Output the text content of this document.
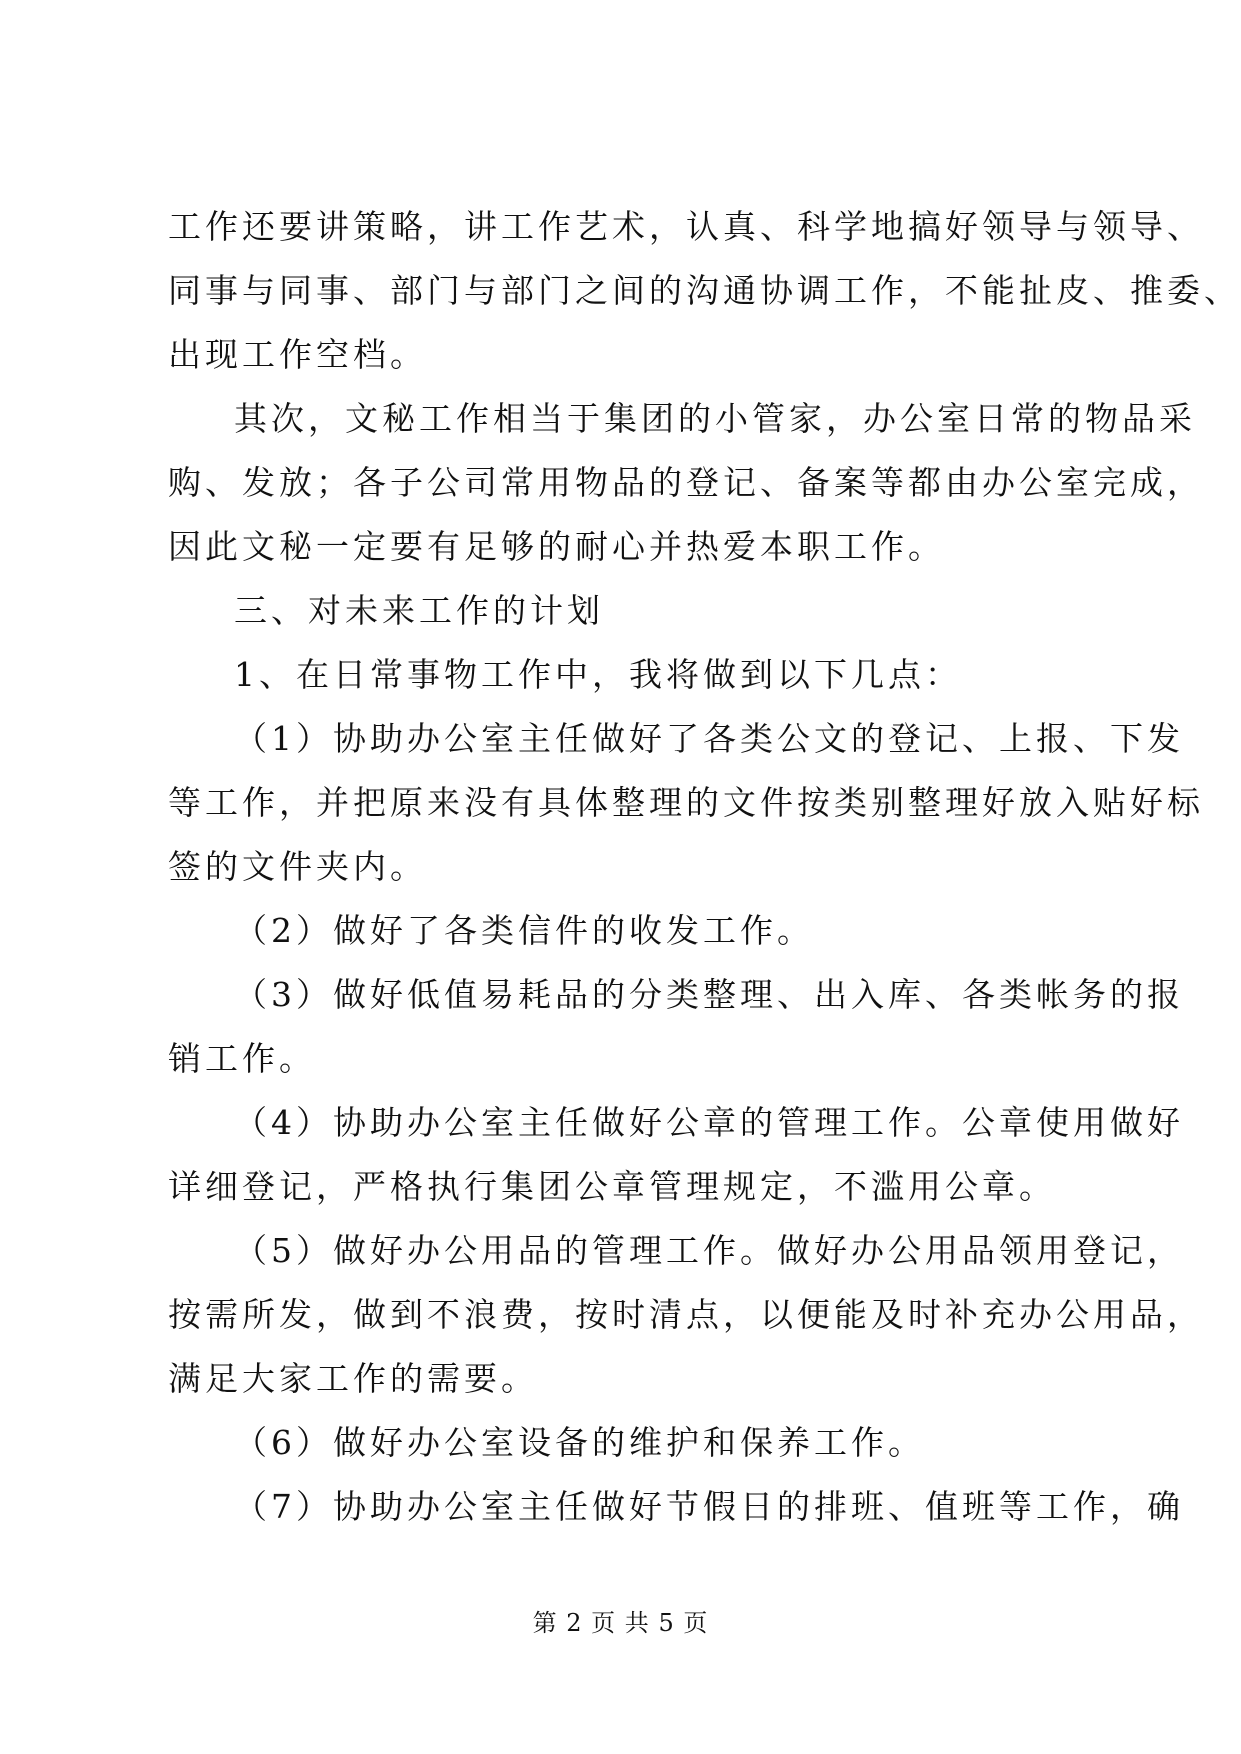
工作还要讲策略，讲工作艺术，认真、科学地搞好领导与领导、
同事与同事、部门与部门之间的沟通协调工作，不能扯皮、推委、
出现工作空档。
其次，文秘工作相当于集团的小管家，办公室日常的物品采
购、发放；各子公司常用物品的登记、备案等都由办公室完成，
因此文秘一定要有足够的耐心并热爱本职工作。
三、对未来工作的计划
1、在日常事物工作中，我将做到以下几点：
（1）协助办公室主任做好了各类公文的登记、上报、下发
等工作，并把原来没有具体整理的文件按类别整理好放入贴好标
签的文件夹内。
（2）做好了各类信件的收发工作。
（3）做好低值易耗品的分类整理、出入库、各类帐务的报
销工作。
（4）协助办公室主任做好公章的管理工作。公章使用做好
详细登记，严格执行集团公章管理规定，不滥用公章。
（5）做好办公用品的管理工作。做好办公用品领用登记，
按需所发，做到不浪费，按时清点，以便能及时补充办公用品，
满足大家工作的需要。
（6）做好办公室设备的维护和保养工作。
（7）协助办公室主任做好节假日的排班、值班等工作，确
第 2 页 共 5 页
